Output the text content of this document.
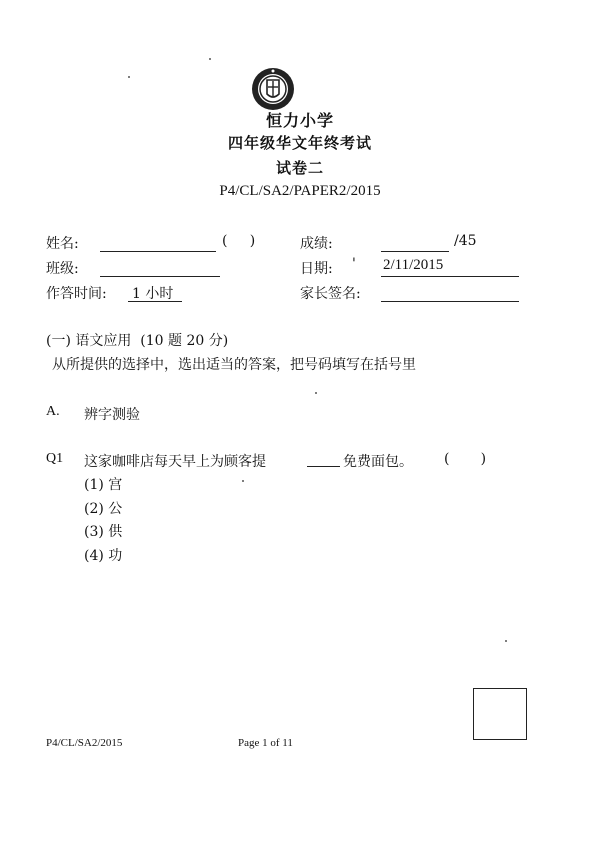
恒力小学
四年级华文年终考试
试卷二
P4/CL/SA2/PAPER2/2015
姓名:	(     )	成绩:	/45
班级:	日期: ' 2/11/2015
作答时间: 1 小时	家长签名:
(一) 语文应用  (10 题 20 分)
从所提供的选择中，选出适当的答案，把号码填写在括号里
A. 辨字测验
Q1 这家咖啡店每天早上为顾客提	免费面包。 (       )
(1) 宫
(2) 公
(3) 供
(4) 功
P4/CL/SA2/2015	Page 1 of 11
